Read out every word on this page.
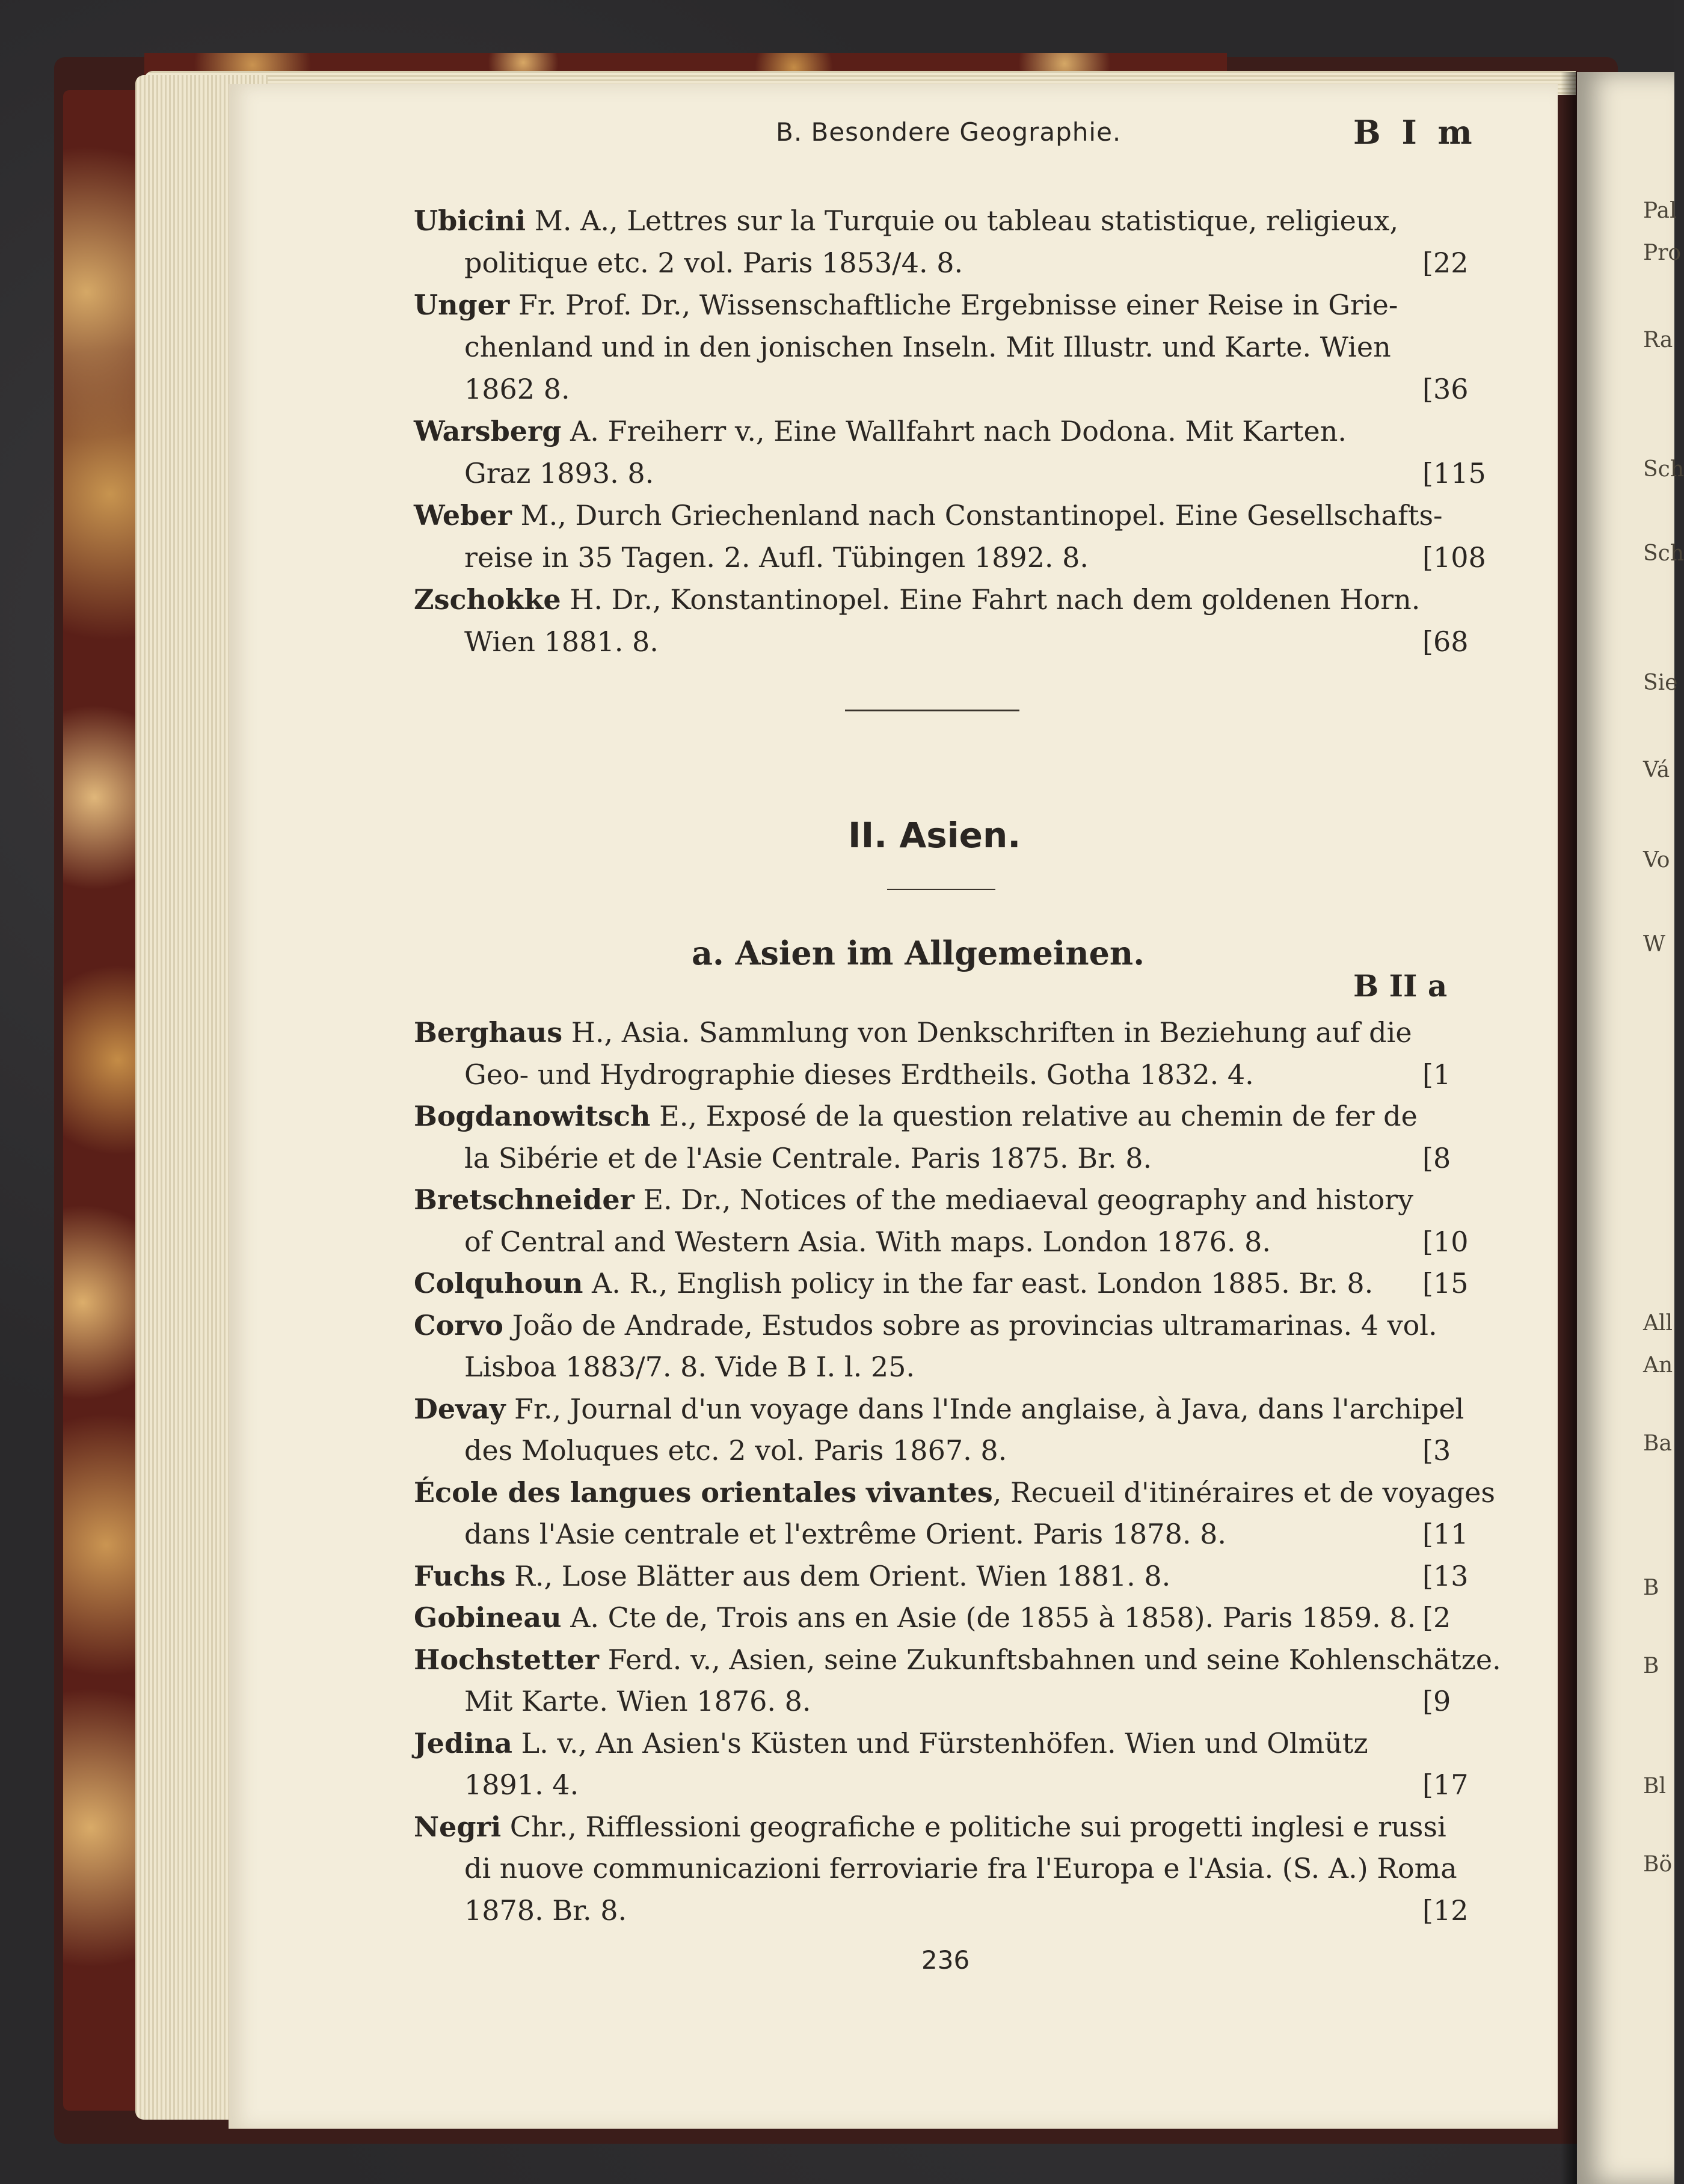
Pal
Pro
Ra
Sch
Sch
Sie
Vá
Vo
W
All
An
Ba
B
B
Bl
Bö
B. Besondere Geographie.	B I m
Ubicini M. A., Lettres sur la Turquie ou tableau statistique, religieux,
politique etc. 2 vol. Paris 1853/4. 8.	[22
Unger Fr. Prof. Dr., Wissenschaftliche Ergebnisse einer Reise in Grie-
chenland und in den jonischen Inseln. Mit Illustr. und Karte. Wien
1862 8.	[36
Warsberg A. Freiherr v., Eine Wallfahrt nach Dodona. Mit Karten.
Graz 1893. 8.	[115
Weber M., Durch Griechenland nach Constantinopel. Eine Gesellschafts-
reise in 35 Tagen. 2. Aufl. Tübingen 1892. 8.	[108
Zschokke H. Dr., Konstantinopel. Eine Fahrt nach dem goldenen Horn.
Wien 1881. 8.	[68
II. Asien.
a. Asien im Allgemeinen.
B II a
Berghaus H., Asia. Sammlung von Denkschriften in Beziehung auf die
Geo- und Hydrographie dieses Erdtheils. Gotha 1832. 4.	[1
Bogdanowitsch E., Exposé de la question relative au chemin de fer de
la Sibérie et de l'Asie Centrale. Paris 1875. Br. 8.	[8
Bretschneider E. Dr., Notices of the mediaeval geography and history
of Central and Western Asia. With maps. London 1876. 8.	[10
Colquhoun A. R., English policy in the far east. London 1885. Br. 8.	[15
Corvo João de Andrade, Estudos sobre as provincias ultramarinas. 4 vol.
Lisboa 1883/7. 8. Vide B I. l. 25.
Devay Fr., Journal d'un voyage dans l'Inde anglaise, à Java, dans l'archipel
des Moluques etc. 2 vol. Paris 1867. 8.	[3
École des langues orientales vivantes, Recueil d'itinéraires et de voyages
dans l'Asie centrale et l'extrême Orient. Paris 1878. 8.	[11
Fuchs R., Lose Blätter aus dem Orient. Wien 1881. 8.	[13
Gobineau A. Cte de, Trois ans en Asie (de 1855 à 1858). Paris 1859. 8. [2
Hochstetter Ferd. v., Asien, seine Zukunftsbahnen und seine Kohlenschätze.
Mit Karte. Wien 1876. 8.	[9
Jedina L. v., An Asien's Küsten und Fürstenhöfen. Wien und Olmütz
1891. 4.	[17
Negri Chr., Rifflessioni geografiche e politiche sui progetti inglesi e russi
di nuove communicazioni ferroviarie fra l'Europa e l'Asia. (S. A.) Roma
1878. Br. 8.	[12
236
